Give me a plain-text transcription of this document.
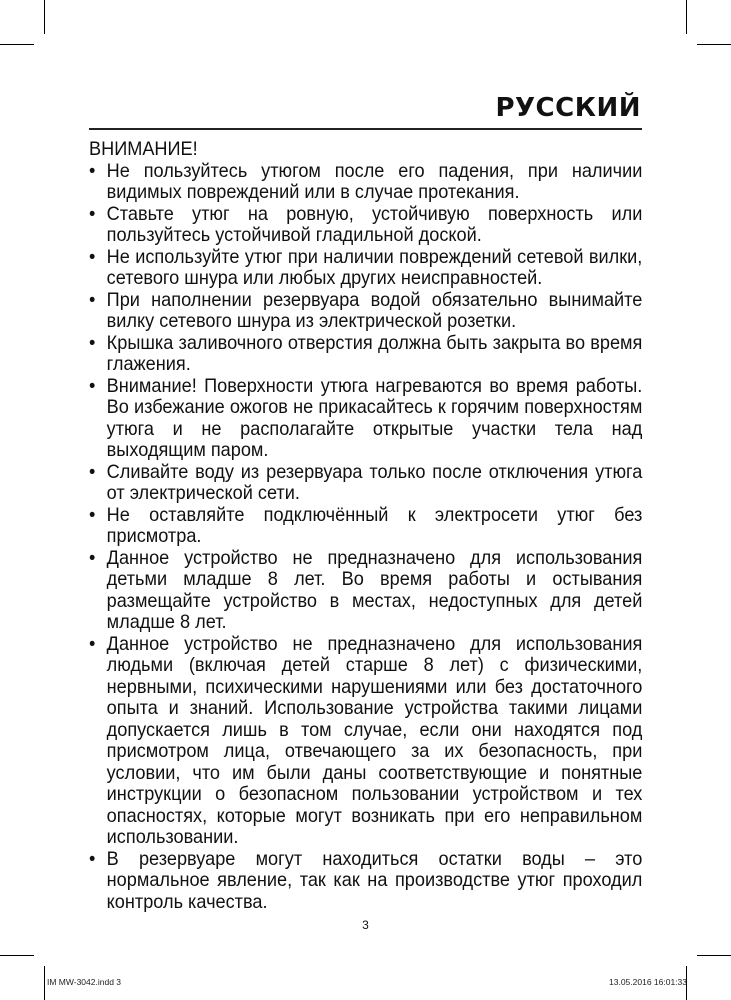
РУССКИЙ
ВНИМАНИЕ!
• Не пользуйтесь утюгом после его падения, при наличии видимых повреждений или в случае протекания.
• Ставьте утюг на ровную, устойчивую поверхность или пользуйтесь устойчивой гладильной доской.
• Не используйте утюг при наличии повреждений сетевой вилки, сетевого шнура или любых других неисправностей.
• При наполнении резервуара водой обязательно вынимайте вилку сетевого шнура из электрической розетки.
• Крышка заливочного отверстия должна быть закрыта во время глажения.
• Внимание! Поверхности утюга нагреваются во время работы. Во избежание ожогов не прикасайтесь к горячим поверхностям утюга и не располагайте открытые участки тела над выходящим паром.
• Сливайте воду из резервуара только после отключения утюга от электрической сети.
• Не оставляйте подключённый к электросети утюг без присмотра.
• Данное устройство не предназначено для использования детьми младше 8 лет. Во время работы и остывания размещайте устройство в местах, недоступных для детей младше 8 лет.
• Данное устройство не предназначено для использования людьми (включая детей старше 8 лет) с физическими, нервными, психическими нарушениями или без достаточного опыта и знаний. Использование устройства такими лицами допускается лишь в том случае, если они находятся под присмотром лица, отвечающего за их безопасность, при условии, что им были даны соответствующие и понятные инструкции о безопасном пользовании устройством и тех опасностях, которые могут возникать при его неправильном использовании.
• В резервуаре могут находиться остатки воды – это нормальное явление, так как на производстве утюг проходил контроль качества.
3
IM MW-3042.indd 3	13.05.2016 16:01:33
